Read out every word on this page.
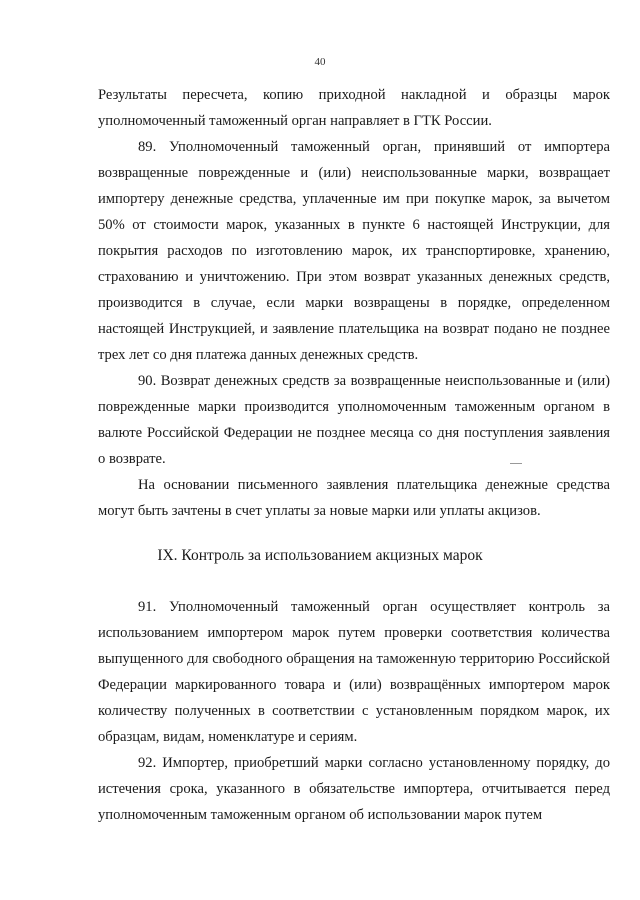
40

Результаты пересчета, копию приходной накладной и образцы марок уполномоченный таможенный орган направляет в ГТК России.

89. Уполномоченный таможенный орган, принявший от импортера возвращенные поврежденные и (или) неиспользованные марки, возвращает импортеру денежные средства, уплаченные им при покупке марок, за вычетом 50% от стоимости марок, указанных в пункте 6 настоящей Инструкции, для покрытия расходов по изготовлению марок, их транспортировке, хранению, страхованию и уничтожению. При этом возврат указанных денежных средств, производится в случае, если марки возвращены в порядке, определенном настоящей Инструкцией, и заявление плательщика на возврат подано не позднее трех лет со дня платежа данных денежных средств.

90. Возврат денежных средств за возвращенные неиспользованные и (или) поврежденные марки производится уполномоченным таможенным органом в валюте Российской Федерации не позднее месяца со дня поступления заявления о возврате.

На основании письменного заявления плательщика денежные средства могут быть зачтены в счет уплаты за новые марки или уплаты акцизов.

IX. Контроль за использованием акцизных марок

91. Уполномоченный таможенный орган осуществляет контроль за использованием импортером марок путем проверки соответствия количества выпущенного для свободного обращения на таможенную территорию Российской Федерации маркированного товара и (или) возвращённых импортером марок количеству полученных в соответствии с установленным порядком марок, их образцам, видам, номенклатуре и сериям.

92. Импортер, приобретший марки согласно установленному порядку, до истечения срока, указанного в обязательстве импортера, отчитывается перед уполномоченным таможенным органом об использовании марок путем
